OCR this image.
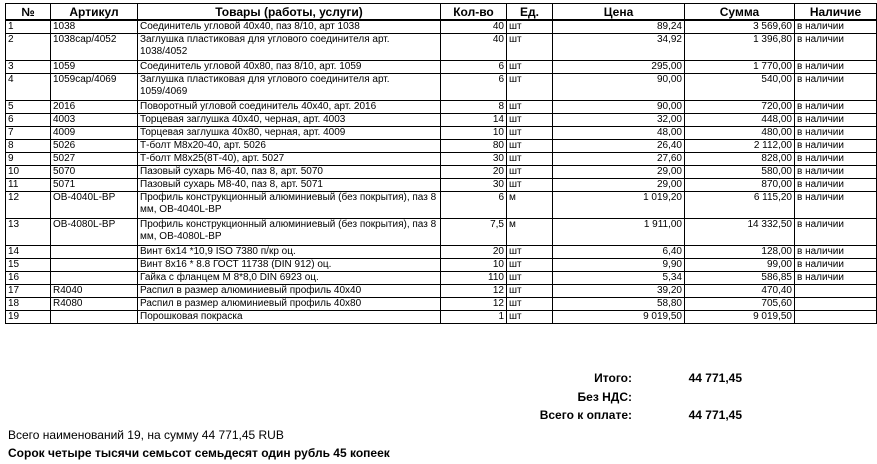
№	Артикул	Товары (работы, услуги)	Кол-во	Ед.	Цена	Сумма	Наличие
1	1038	Соединитель угловой 40х40, паз 8/10, арт 1038	40	шт	89,24	3 569,60	в наличии
2	1038cap/4052	Заглушка пластиковая для углового соединителя арт. 1038/4052	40	шт	34,92	1 396,80	в наличии
3	1059	Соединитель угловой 40х80, паз 8/10, арт. 1059	6	шт	295,00	1 770,00	в наличии
4	1059cap/4069	Заглушка пластиковая для углового соединителя арт. 1059/4069	6	шт	90,00	540,00	в наличии
5	2016	Поворотный угловой соединитель 40х40, арт. 2016	8	шт	90,00	720,00	в наличии
6	4003	Торцевая заглушка 40х40, черная, арт. 4003	14	шт	32,00	448,00	в наличии
7	4009	Торцевая заглушка 40х80, черная, арт. 4009	10	шт	48,00	480,00	в наличии
8	5026	Т-болт М8х20-40, арт. 5026	80	шт	26,40	2 112,00	в наличии
9	5027	Т-болт М8х25(8Т-40), арт. 5027	30	шт	27,60	828,00	в наличии
10	5070	Пазовый сухарь М6-40, паз 8, арт. 5070	20	шт	29,00	580,00	в наличии
11	5071	Пазовый сухарь М8-40, паз 8, арт. 5071	30	шт	29,00	870,00	в наличии
12	OB-4040L-BP	Профиль конструкционный алюминиевый (без покрытия), паз 8 мм, OB-4040L-BP	6	м	1 019,20	6 115,20	в наличии
13	OB-4080L-BP	Профиль конструкционный алюминиевый (без покрытия), паз 8 мм, OB-4080L-BP	7,5	м	1 911,00	14 332,50	в наличии
14		Винт 6х14 *10,9 ISO 7380 п/кр оц.	20	шт	6,40	128,00	в наличии
15		Винт 8х16 * 8.8 ГОСТ 11738 (DIN 912) оц.	10	шт	9,90	99,00	в наличии
16		Гайка с фланцем М 8*8,0 DIN 6923 оц.	110	шт	5,34	586,85	в наличии
17	R4040	Распил в размер алюминиевый профиль 40х40	12	шт	39,20	470,40	
18	R4080	Распил в размер алюминиевый профиль 40х80	12	шт	58,80	705,60	
19		Порошковая покраска	1	шт	9 019,50	9 019,50	
Итого:	44 771,45
Без НДС:
Всего к оплате:	44 771,45
Всего наименований 19, на сумму 44 771,45 RUB
Сорок четыре тысячи семьсот семьдесят один рубль 45 копеек
